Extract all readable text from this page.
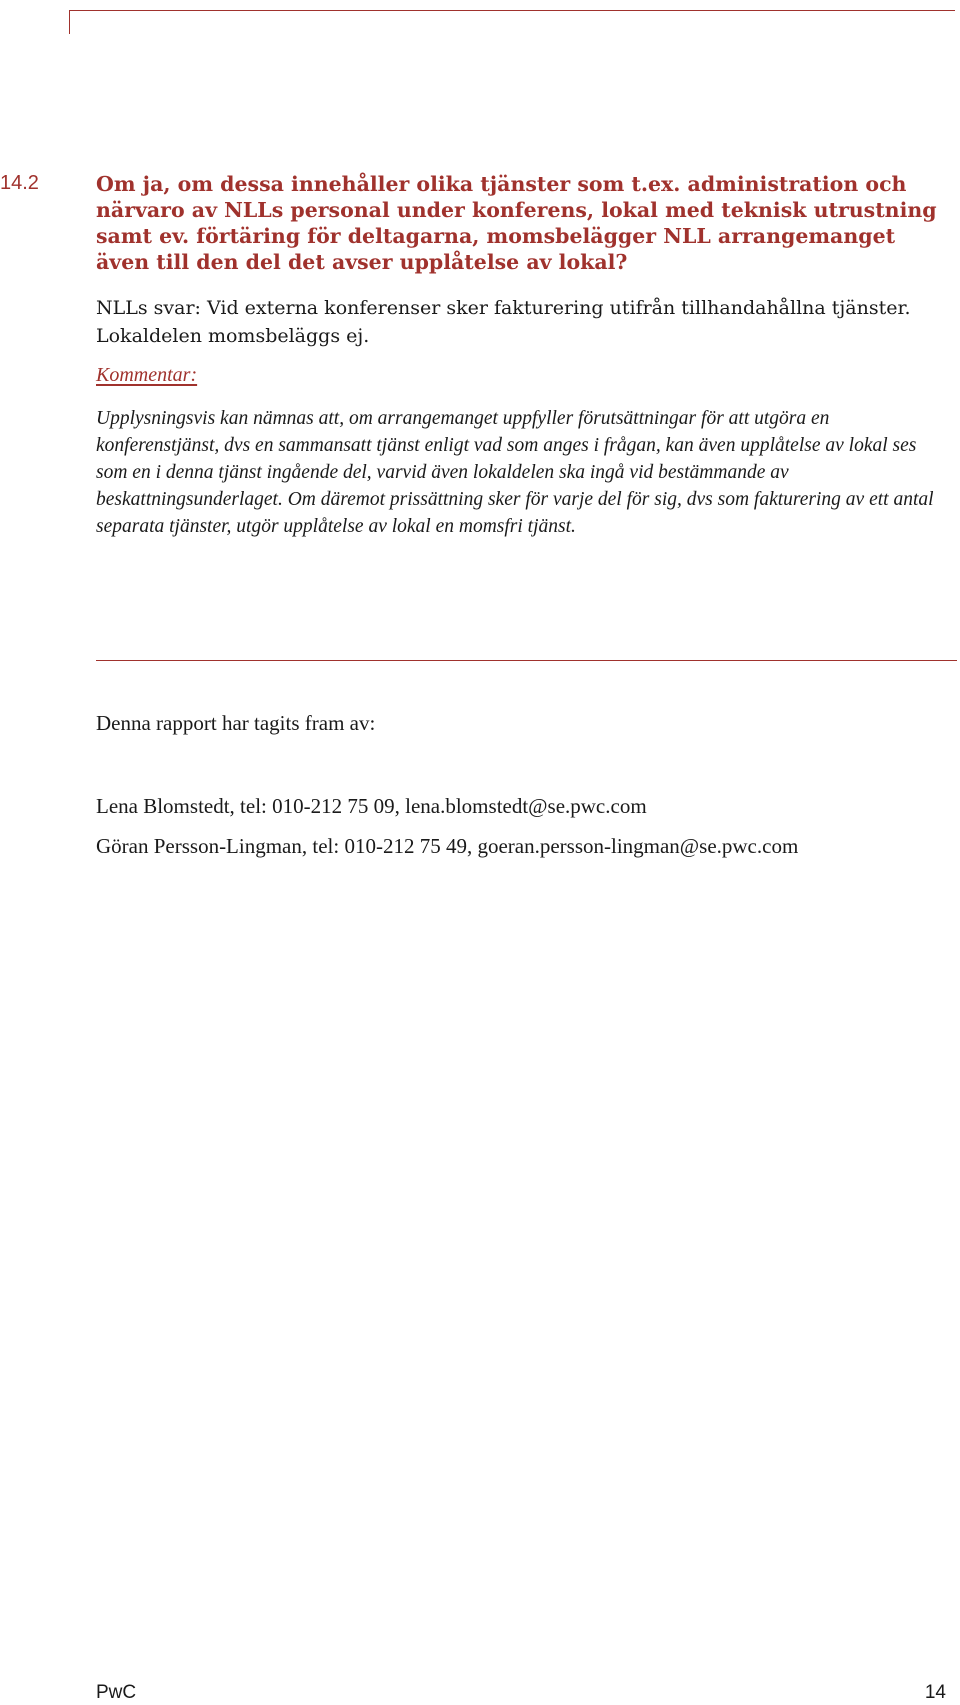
14.2	Om ja, om dessa innehåller olika tjänster som t.ex. administration och närvaro av NLLs personal under konferens, lokal med teknisk utrustning samt ev. förtäring för deltagarna, momsbelägger NLL arrangemanget även till den del det avser upplåtelse av lokal?

NLLs svar: Vid externa konferenser sker fakturering utifrån tillhandahållna tjänster. Lokaldelen momsbeläggs ej.

Kommentar:

Upplysningsvis kan nämnas att, om arrangemanget uppfyller förutsättningar för att utgöra en konferenstjänst, dvs en sammansatt tjänst enligt vad som anges i frågan, kan även upplåtelse av lokal ses som en i denna tjänst ingående del, varvid även lokaldelen ska ingå vid bestämmande av beskattningsunderlaget. Om däremot prissättning sker för varje del för sig, dvs som fakturering av ett antal separata tjänster, utgör upplåtelse av lokal en momsfri tjänst.

Denna rapport har tagits fram av:
Lena Blomstedt, tel: 010-212 75 09, lena.blomstedt@se.pwc.com
Göran Persson-Lingman, tel: 010-212 75 49, goeran.persson-lingman@se.pwc.com
PwC	14
